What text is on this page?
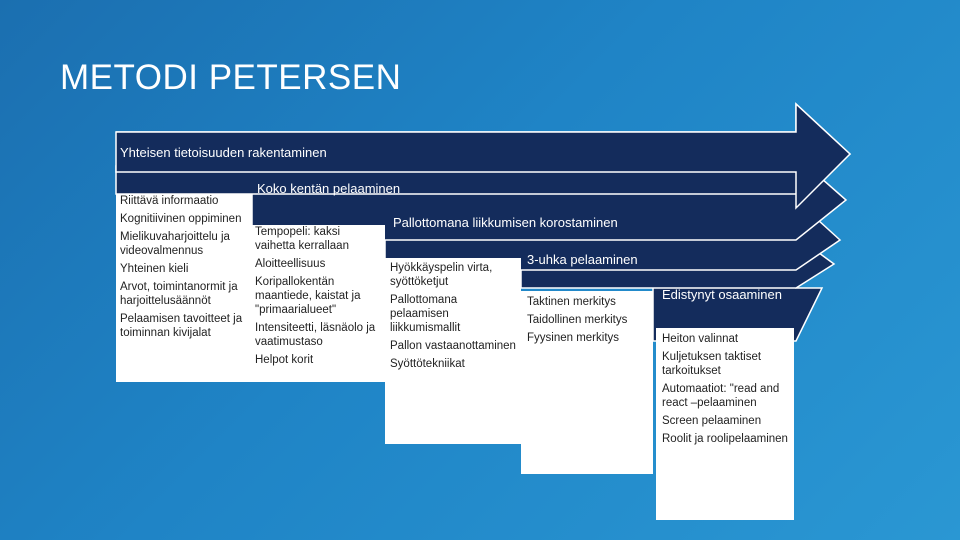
METODI PETERSEN
Yhteisen tietoisuuden rakentaminen
Koko kentän pelaaminen
Pallottomana liikkumisen korostaminen
3-uhka pelaaminen
Edistynyt osaaminen

Riittävä informaatio

Kognitiivinen oppiminen

Mielikuvaharjoittelu ja videovalmennus

Yhteinen kieli

Arvot, toimintanormit ja harjoittelusäännöt

Pelaamisen tavoitteet ja toiminnan kivijalat

Tempopeli: kaksi vaihetta kerrallaan

Aloitteellisuus

Koripallokentän maantiede, kaistat ja "primaarialueet"

Intensiteetti, läsnäolo ja vaatimustaso

Helpot korit

Hyökkäyspelin virta, syöttöketjut

Pallottomana pelaamisen liikkumismallit

Pallon vastaanottaminen

Syöttötekniikat

Taktinen merkitys

Taidollinen merkitys

Fyysinen merkitys	Heiton valinnat

Kuljetuksen taktiset tarkoitukset

Automaatiot: "read and react –pelaaminen

Screen pelaaminen

Roolit ja roolipelaaminen
